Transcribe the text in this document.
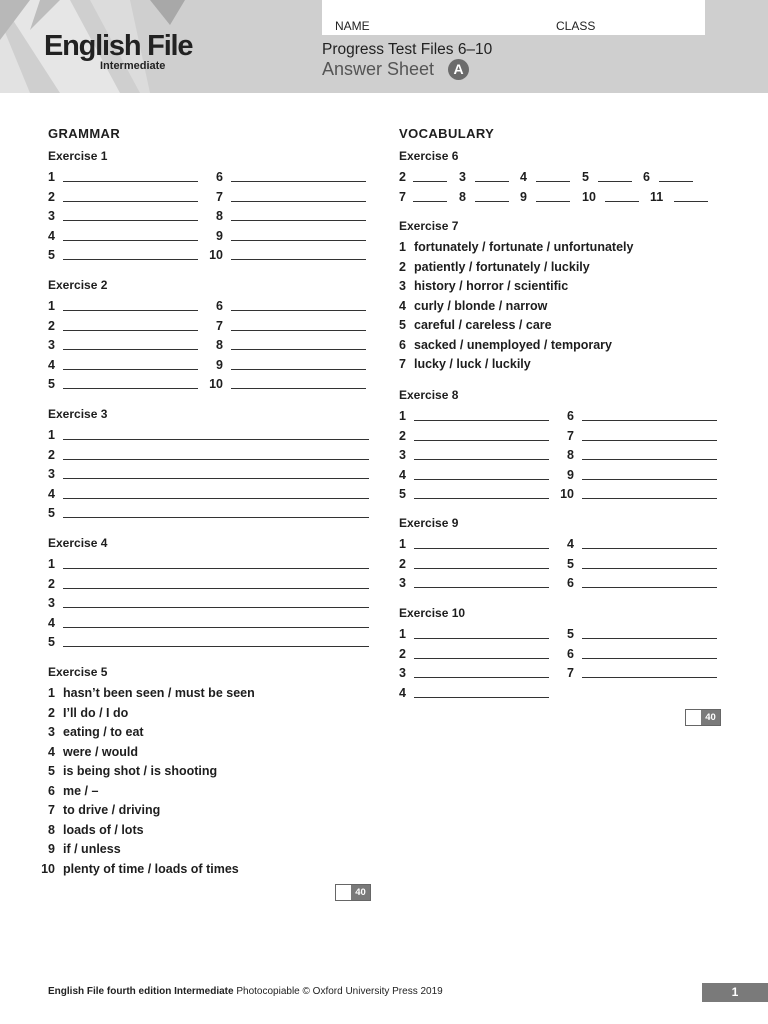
English File
Intermediate
NAME	CLASS
Progress Test Files 6–10
Answer Sheet	A
GRAMMAR
Exercise 1
1	6
2	7
3	8
4	9
5	10
Exercise 2
1	6
2	7
3	8
4	9
5	10
Exercise 3
1
2
3
4
5
Exercise 4
1
2
3
4
5
Exercise 5
1 hasn’t been seen / must be seen
2 I’ll do / I do
3 eating / to eat
4 were / would
5 is being shot / is shooting
6 me / –
7 to drive / driving
8 loads of / lots
9 if / unless
10 plenty of time / loads of times
40
VOCABULARY
Exercise 6
2	3	4	5	6
7	8	9	10	11
Exercise 7
1 fortunately / fortunate / unfortunately
2 patiently / fortunately / luckily
3 history / horror / scientific
4 curly / blonde / narrow
5 careful / careless / care
6 sacked / unemployed / temporary
7 lucky / luck / luckily
Exercise 8
1	6
2	7
3	8
4	9
5	10
Exercise 9
1	4
2	5
3	6
Exercise 10
1	5
2	6
3	7
4
40
English File fourth edition Intermediate Photocopiable © Oxford University Press 2019	1
